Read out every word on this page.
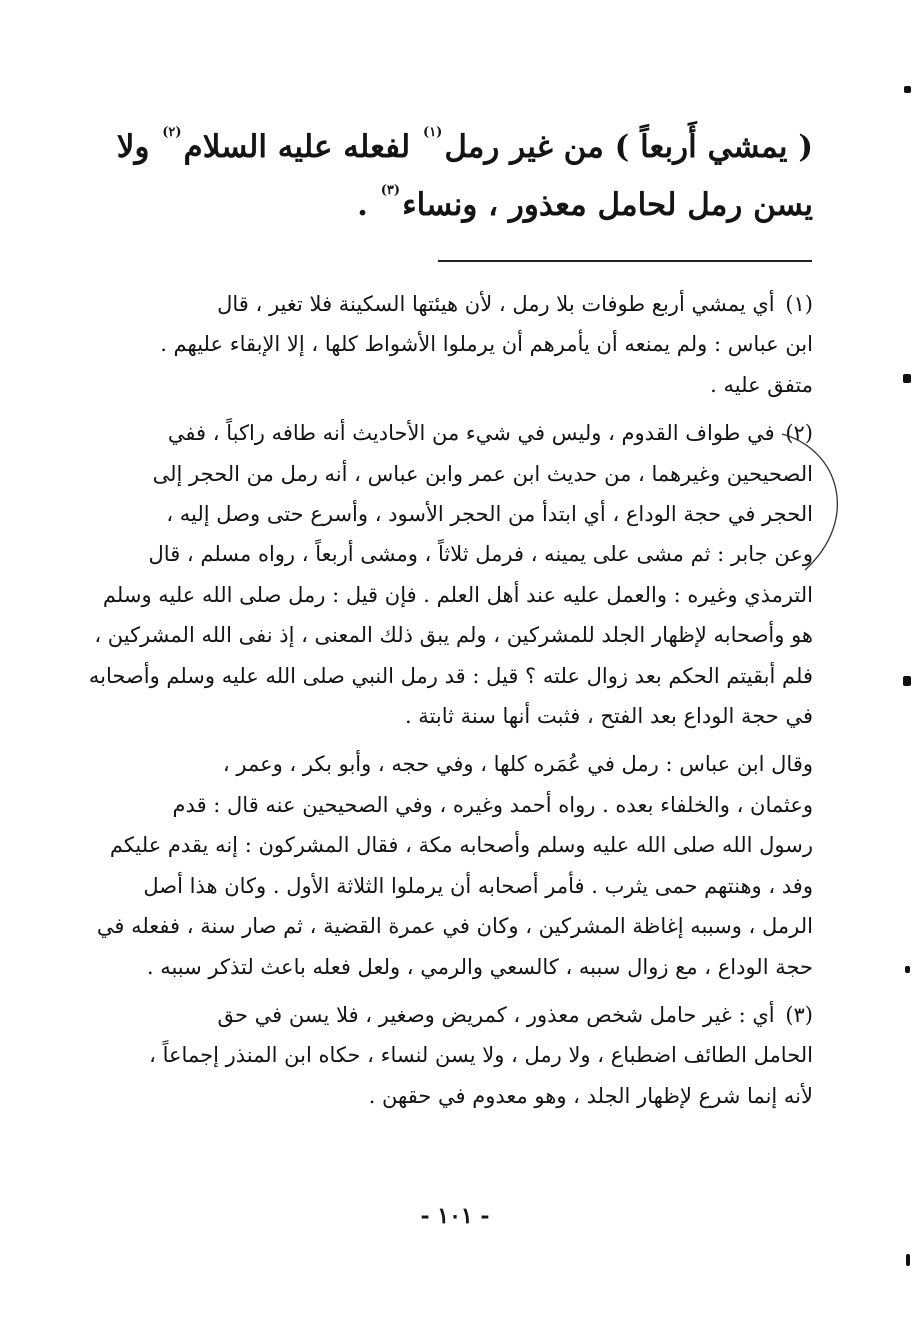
( يمشي أَربعاً ) من غير رمل$^{(١)}$ لفعله عليه السلام$^{(٢)}$ ولا
يسن رمل لحامل معذور ، ونساء$^{(٣)}$ .
(١) أي يمشي أربع طوفات بلا رمل ، لأن هيئتها السكينة فلا تغير ، قال
ابن عباس : ولم يمنعه أن يأمرهم أن يرملوا الأشواط كلها ، إلا الإبقاء عليهم .
متفق عليه .
(٢) في طواف القدوم ، وليس في شيء من الأحاديث أنه طافه راكباً ، ففي
الصحيحين وغيرهما ، من حديث ابن عمر وابن عباس ، أنه رمل من الحجر إلى
الحجر في حجة الوداع ، أي ابتدأ من الحجر الأسود ، وأسرع حتى وصل إليه ،
وعن جابر : ثم مشى على يمينه ، فرمل ثلاثاً ، ومشى أربعاً ، رواه مسلم ، قال
الترمذي وغيره : والعمل عليه عند أهل العلم . فإن قيل : رمل صلى الله عليه وسلم
هو وأصحابه لإظهار الجلد للمشركين ، ولم يبق ذلك المعنى ، إذ نفى الله المشركين ،
فلم أبقيتم الحكم بعد زوال علته ؟ قيل : قد رمل النبي صلى الله عليه وسلم وأصحابه
في حجة الوداع بعد الفتح ، فثبت أنها سنة ثابتة .
وقال ابن عباس : رمل في عُمَره كلها ، وفي حجه ، وأبو بكر ، وعمر ،
وعثمان ، والخلفاء بعده . رواه أحمد وغيره ، وفي الصحيحين عنه قال : قدم
رسول الله صلى الله عليه وسلم وأصحابه مكة ، فقال المشركون : إنه يقدم عليكم
وفد ، وهنتهم حمى يثرب . فأمر أصحابه أن يرملوا الثلاثة الأول . وكان هذا أصل
الرمل ، وسببه إغاظة المشركين ، وكان في عمرة القضية ، ثم صار سنة ، ففعله في
حجة الوداع ، مع زوال سببه ، كالسعي والرمي ، ولعل فعله باعث لتذكر سببه .
(٣) أي : غير حامل شخص معذور ، كمريض وصغير ، فلا يسن في حق
الحامل الطائف اضطباع ، ولا رمل ، ولا يسن لنساء ، حكاه ابن المنذر إجماعاً ،
لأنه إنما شرع لإظهار الجلد ، وهو معدوم في حقهن .
- ١٠١ -
